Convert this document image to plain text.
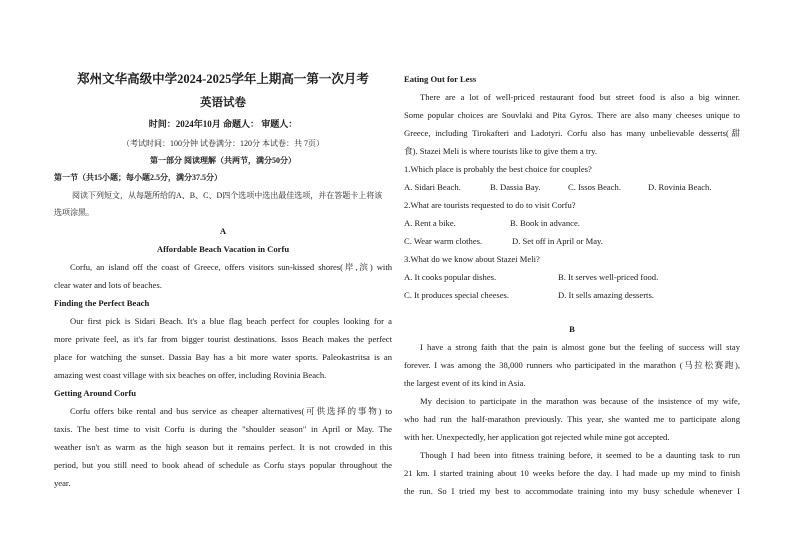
郑州文华高级中学2024-2025学年上期高一第一次月考
英语试卷
时间：2024年10月 命题人： 审题人：
（考试时间：100分钟 试卷满分：120分 本试卷：共 7页）
第一部分 阅读理解（共两节，满分50分）
第一节（共15小题；每小题2.5分，满分37.5分）
阅读下列短文，从每题所给的A、B、C、D四个选项中选出最佳选项，并在答题卡上将该
选项涂黑。
A
Affordable Beach Vacation in Corfu
Corfu, an island off the coast of Greece, offers visitors sun-kissed shores(岸,滨) with
clear water and lots of beaches.
Finding the Perfect Beach
Our first pick is Sidari Beach. It's a blue flag beach perfect for couples looking for a
more private feel, as it's far from bigger tourist destinations. Issos Beach makes the perfect
place for watching the sunset. Dassia Bay has a bit more water sports. Paleokastritsa is an
amazing west coast village with six beaches on offer, including Rovinia Beach.
Getting Around Corfu
Corfu offers bike rental and bus service as cheaper alternatives(可供选择的事物) to
taxis. The best time to visit Corfu is during the "shoulder season" in April or May. The
weather isn't as warm as the high season but it remains perfect. It is not crowded in this
period, but you still need to book ahead of schedule as Corfu stays popular throughout the
year.
Eating Out for Less
There are a lot of well-priced restaurant food but street food is also a big winner.
Some popular choices are Souvlaki and Pita Gyros. There are also many cheeses unique to
Greece, including Tirokafteri and Ladotyri. Corfu also has many unbelievable desserts(甜
食). Stazei Meli is where tourists like to give them a try.
1.Which place is probably the best choice for couples?
A. Sidari Beach.	B. Dassia Bay.	C. Issos Beach.	D. Rovinia Beach.
2.What are tourists requested to do to visit Corfu?
A. Rent a bike.	B. Book in advance.
C. Wear warm clothes.	D. Set off in April or May.
3.What do we know about Stazei Meli?
A. It cooks popular dishes.	B. It serves well-priced food.
C. It produces special cheeses.	D. It sells amazing desserts.
B
I have a strong faith that the pain is almost gone but the feeling of success will stay
forever. I was among the 38,000 runners who participated in the marathon (马拉松赛跑),
the largest event of its kind in Asia.
My decision to participate in the marathon was because of the insistence of my wife,
who had run the half-marathon previously. This year, she wanted me to participate along
with her. Unexpectedly, her application got rejected while mine got accepted.
Though I had been into fitness training before, it seemed to be a daunting task to run
21 km. I started training about 10 weeks before the day. I had made up my mind to finish
the run. So I tried my best to accommodate training into my busy schedule whenever I
